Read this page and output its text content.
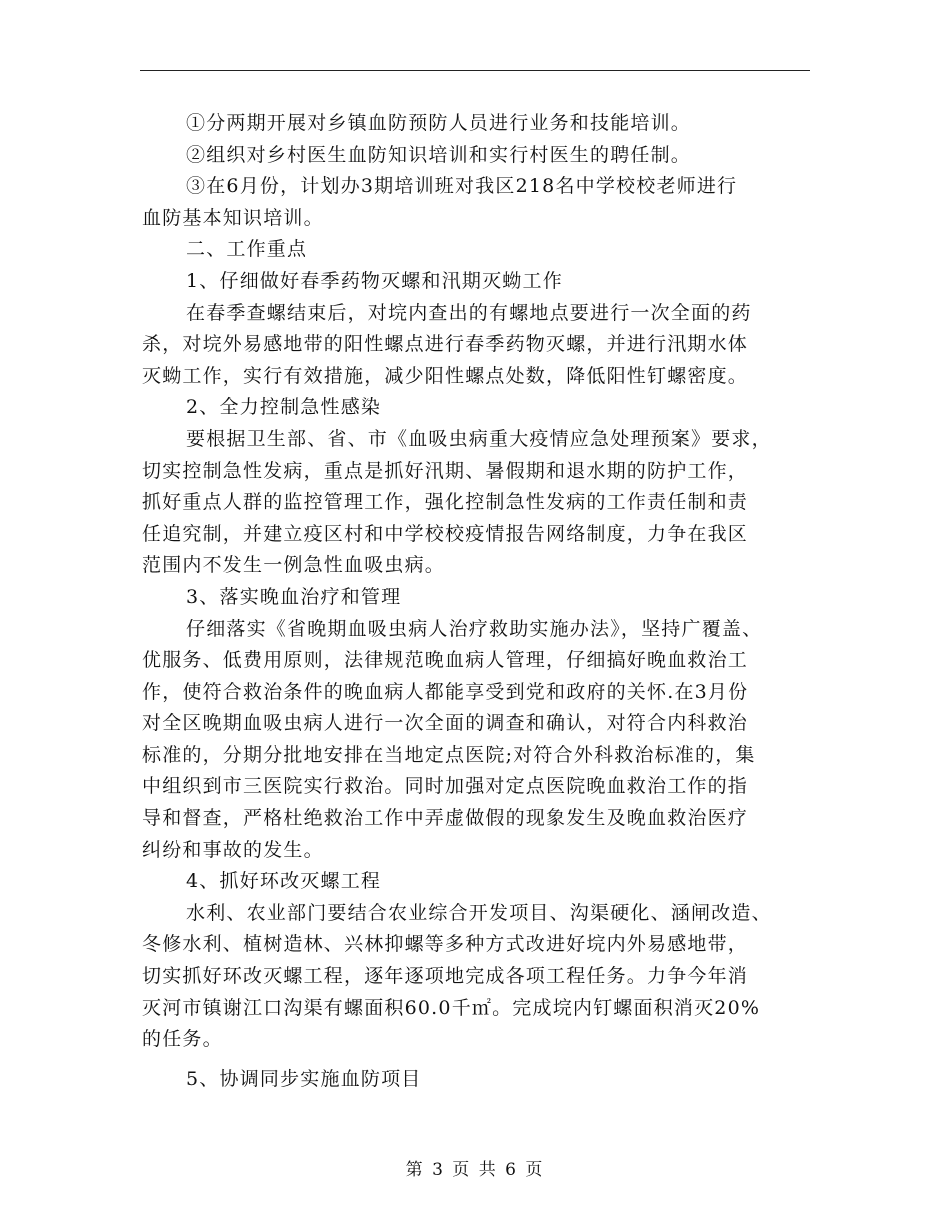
①分两期开展对乡镇血防预防人员进行业务和技能培训。
②组织对乡村医生血防知识培训和实行村医生的聘任制。
③在6月份，计划办3期培训班对我区218名中学校校老师进行
血防基本知识培训。
二、工作重点
1、仔细做好春季药物灭螺和汛期灭蚴工作
在春季查螺结束后，对垸内查出的有螺地点要进行一次全面的药
杀，对垸外易感地带的阳性螺点进行春季药物灭螺，并进行汛期水体
灭蚴工作，实行有效措施，减少阳性螺点处数，降低阳性钉螺密度。
2、全力控制急性感染
要根据卫生部、省、市《血吸虫病重大疫情应急处理预案》要求，
切实控制急性发病，重点是抓好汛期、暑假期和退水期的防护工作，
抓好重点人群的监控管理工作，强化控制急性发病的工作责任制和责
任追究制，并建立疫区村和中学校校疫情报告网络制度，力争在我区
范围内不发生一例急性血吸虫病。
3、落实晚血治疗和管理
仔细落实《省晚期血吸虫病人治疗救助实施办法》，坚持广覆盖、
优服务、低费用原则，法律规范晚血病人管理，仔细搞好晚血救治工
作，使符合救治条件的晚血病人都能享受到党和政府的关怀.在3月份
对全区晚期血吸虫病人进行一次全面的调查和确认，对符合内科救治
标准的，分期分批地安排在当地定点医院;对符合外科救治标准的，集
中组织到市三医院实行救治。同时加强对定点医院晚血救治工作的指
导和督查，严格杜绝救治工作中弄虚做假的现象发生及晚血救治医疗
纠纷和事故的发生。
4、抓好环改灭螺工程
水利、农业部门要结合农业综合开发项目、沟渠硬化、涵闸改造、
冬修水利、植树造林、兴林抑螺等多种方式改进好垸内外易感地带，
切实抓好环改灭螺工程，逐年逐项地完成各项工程任务。力争今年消
灭河市镇谢江口沟渠有螺面积60.0千㎡。完成垸内钉螺面积消灭20%
的任务。
5、协调同步实施血防项目
第 3 页 共 6 页
